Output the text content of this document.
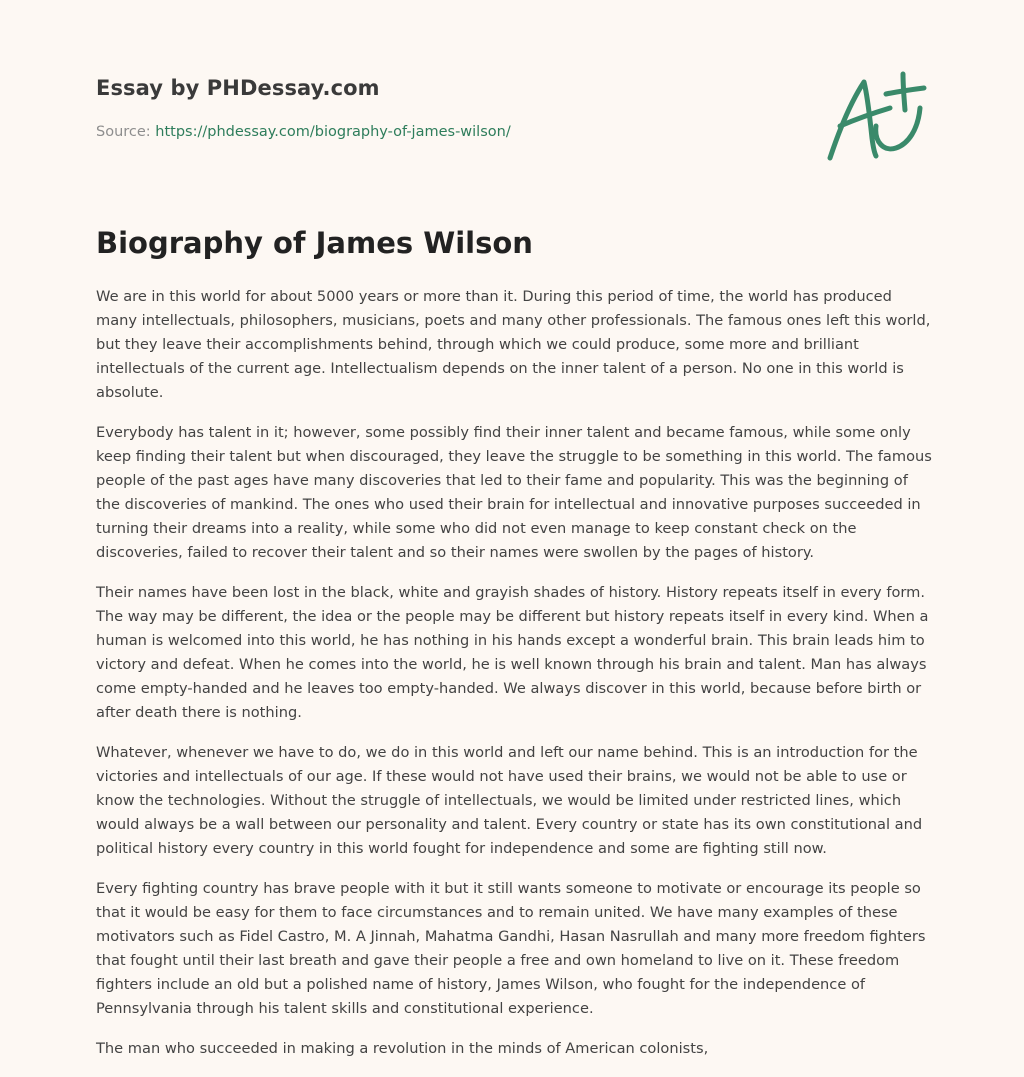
Essay by PHDessay.com
Source: https://phdessay.com/biography-of-james-wilson/
Biography of James Wilson

We are in this world for about 5000 years or more than it. During this period of time, the world has produced many intellectuals, philosophers, musicians, poets and many other professionals. The famous ones left this world, but they leave their accomplishments behind, through which we could produce, some more and brilliant intellectuals of the current age. Intellectualism depends on the inner talent of a person. No one in this world is absolute.

Everybody has talent in it; however, some possibly find their inner talent and became famous, while some only keep finding their talent but when discouraged, they leave the struggle to be something in this world. The famous people of the past ages have many discoveries that led to their fame and popularity. This was the beginning of the discoveries of mankind. The ones who used their brain for intellectual and innovative purposes succeeded in turning their dreams into a reality, while some who did not even manage to keep constant check on the discoveries, failed to recover their talent and so their names were swollen by the pages of history.

Their names have been lost in the black, white and grayish shades of history. History repeats itself in every form. The way may be different, the idea or the people may be different but history repeats itself in every kind. When a human is welcomed into this world, he has nothing in his hands except a wonderful brain. This brain leads him to victory and defeat. When he comes into the world, he is well known through his brain and talent. Man has always come empty-handed and he leaves too empty-handed. We always discover in this world, because before birth or after death there is nothing.

Whatever, whenever we have to do, we do in this world and left our name behind. This is an introduction for the victories and intellectuals of our age. If these would not have used their brains, we would not be able to use or know the technologies. Without the struggle of intellectuals, we would be limited under restricted lines, which would always be a wall between our personality and talent. Every country or state has its own constitutional and political history every country in this world fought for independence and some are fighting still now.

Every fighting country has brave people with it but it still wants someone to motivate or encourage its people so that it would be easy for them to face circumstances and to remain united. We have many examples of these motivators such as Fidel Castro, M. A Jinnah, Mahatma Gandhi, Hasan Nasrullah and many more freedom fighters that fought until their last breath and gave their people a free and own homeland to live on it. These freedom fighters include an old but a polished name of history, James Wilson, who fought for the independence of Pennsylvania through his talent skills and constitutional experience.

The man who succeeded in making a revolution in the minds of American colonists,
